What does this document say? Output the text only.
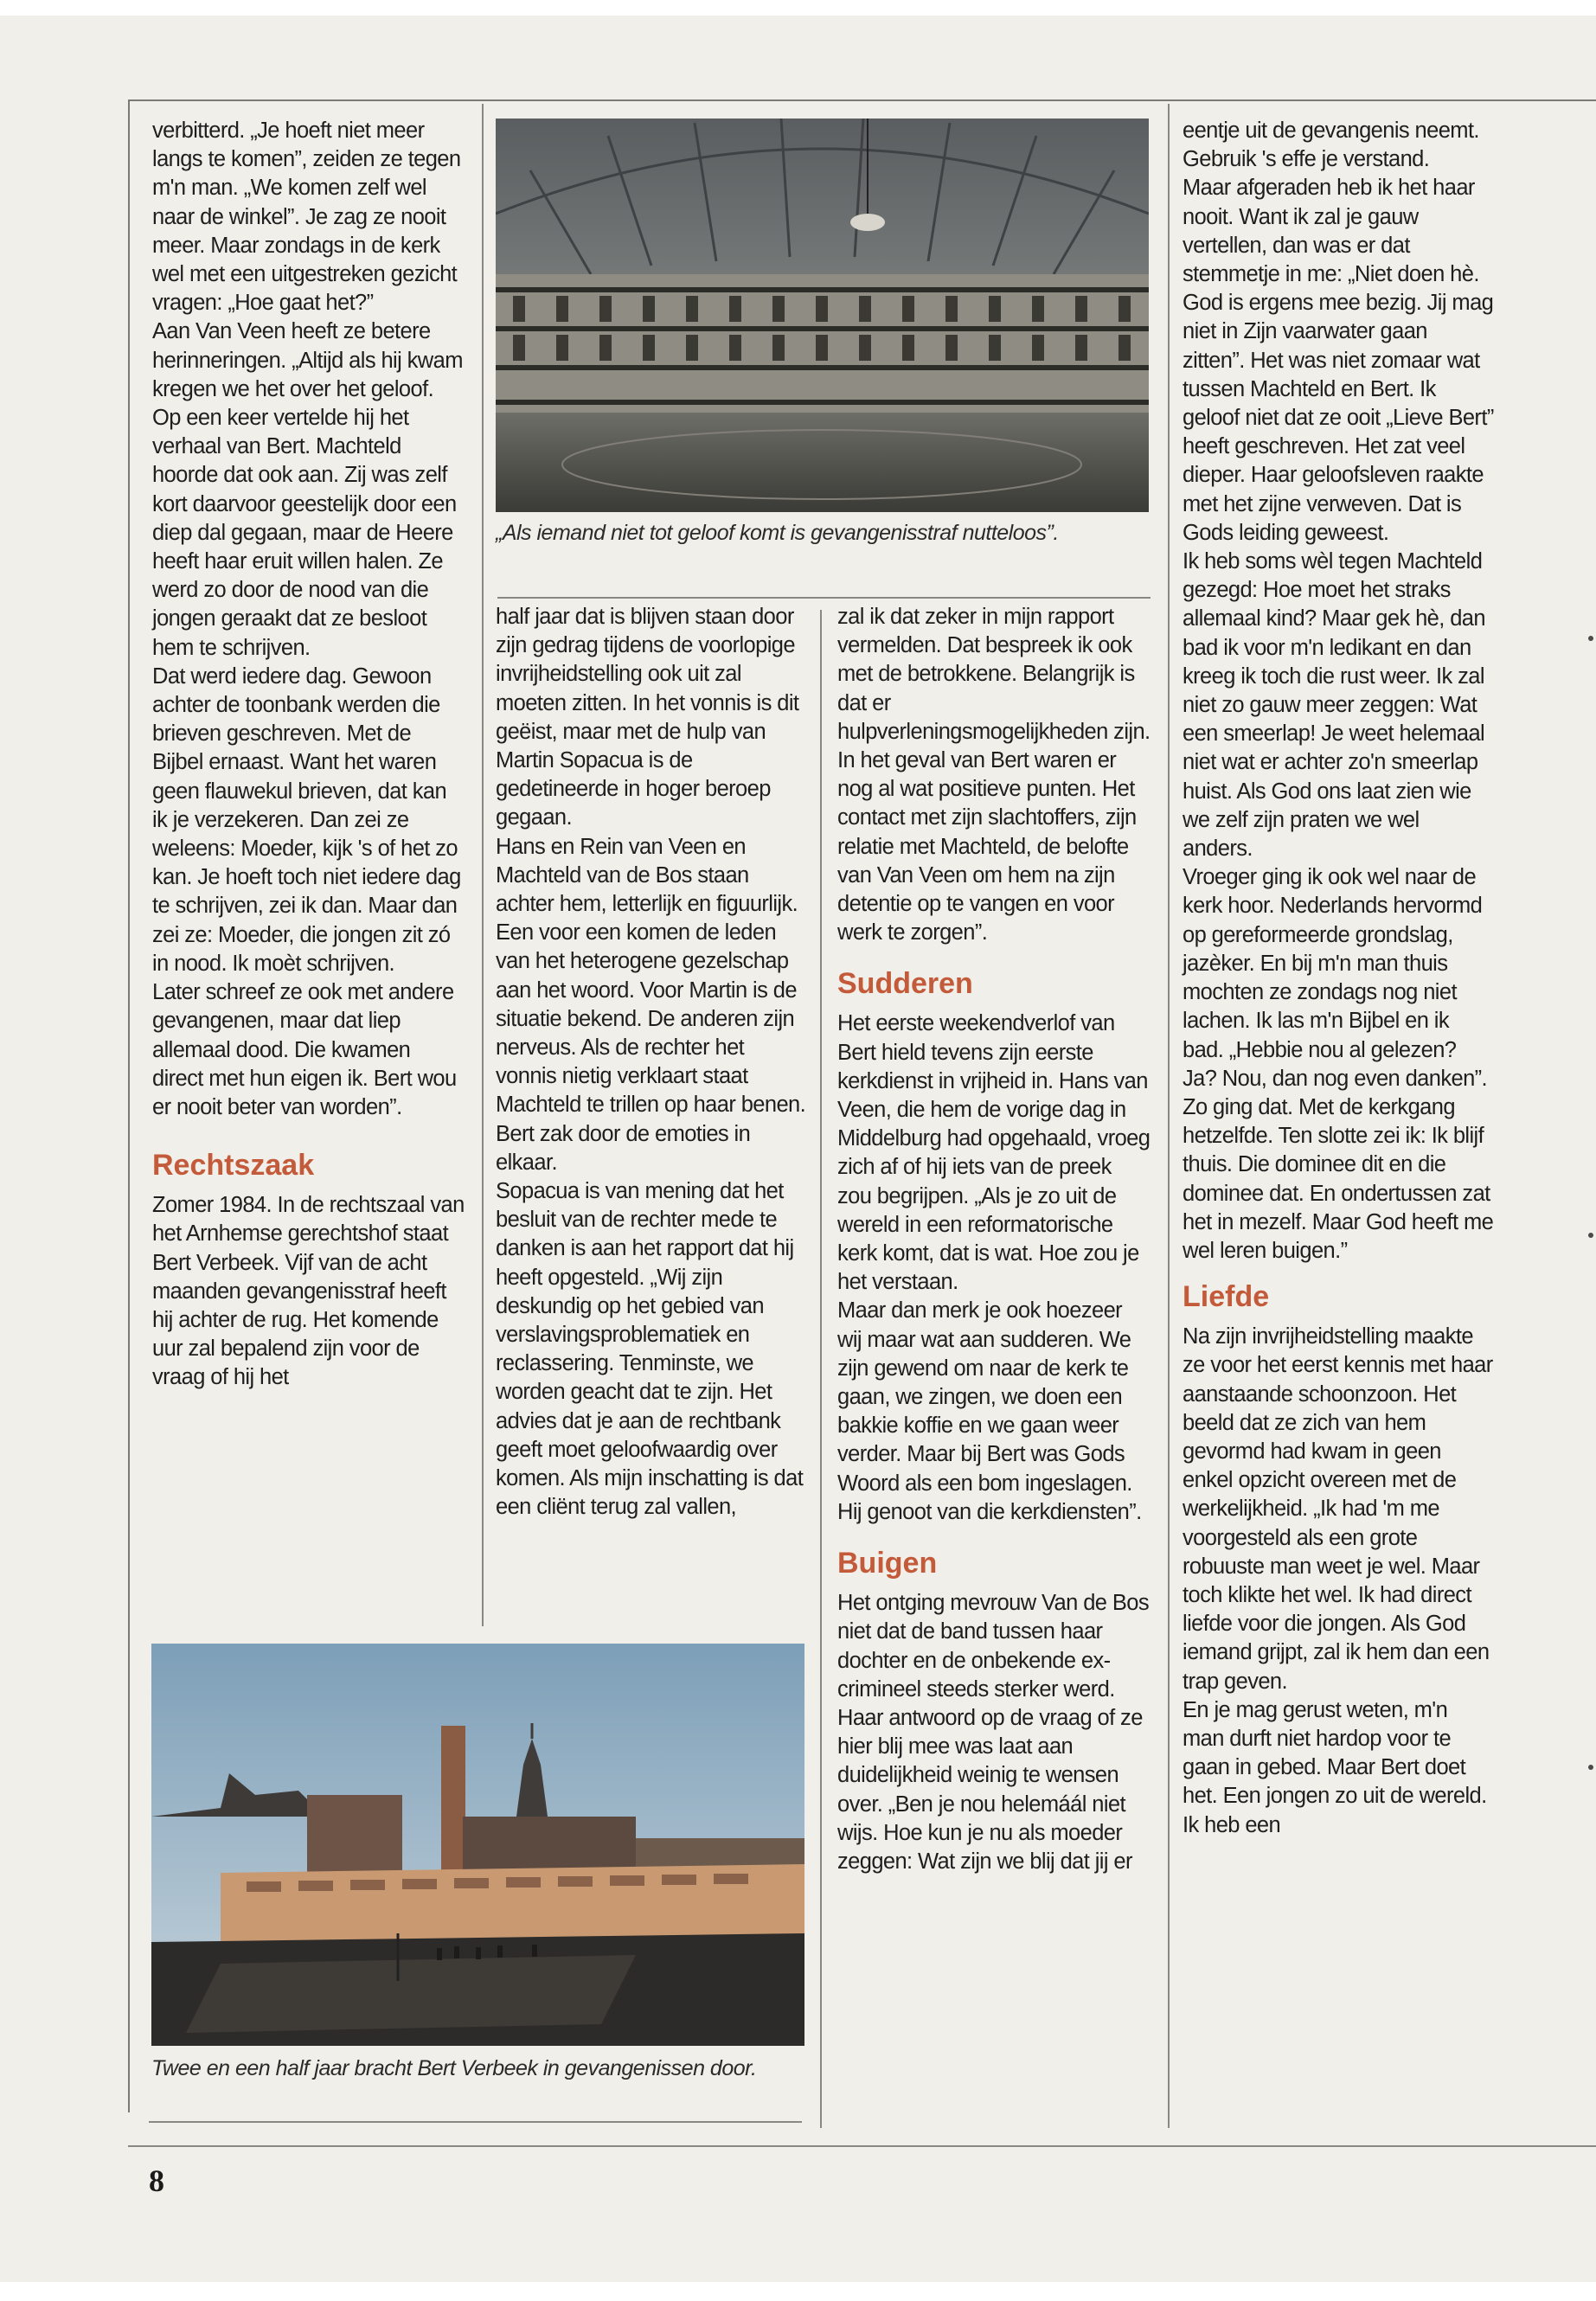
verbitterd. „Je hoeft niet meer langs te komen”, zeiden ze tegen m'n man. „We komen zelf wel naar de winkel”. Je zag ze nooit meer. Maar zondags in de kerk wel met een uitgestreken gezicht vragen: „Hoe gaat het?”

Aan Van Veen heeft ze betere herinneringen. „Altijd als hij kwam kregen we het over het geloof. Op een keer vertelde hij het verhaal van Bert. Machteld hoorde dat ook aan. Zij was zelf kort daarvoor geestelijk door een diep dal gegaan, maar de Heere heeft haar eruit willen halen. Ze werd zo door de nood van die jongen geraakt dat ze besloot hem te schrijven.

Dat werd iedere dag. Gewoon achter de toonbank werden die brieven geschreven. Met de Bijbel ernaast. Want het waren geen flauwekul brieven, dat kan ik je verzekeren. Dan zei ze weleens: Moeder, kijk 's of het zo kan. Je hoeft toch niet iedere dag te schrijven, zei ik dan. Maar dan zei ze: Moeder, die jongen zit zó in nood. Ik moèt schrijven.

Later schreef ze ook met andere gevangenen, maar dat liep allemaal dood. Die kwamen direct met hun eigen ik. Bert wou er nooit beter van worden”.

Rechtszaak

Zomer 1984. In de rechtszaal van het Arnhemse gerechtshof staat Bert Verbeek. Vijf van de acht maanden gevangenisstraf heeft hij achter de rug. Het komende uur zal bepalend zijn voor de vraag of hij het

„Als iemand niet tot geloof komt is gevangenisstraf nutteloos”.

half jaar dat is blijven staan door zijn gedrag tijdens de voorlopige invrijheidstelling ook uit zal moeten zitten. In het vonnis is dit geëist, maar met de hulp van Martin Sopacua is de gedetineerde in hoger beroep gegaan.

Hans en Rein van Veen en Machteld van de Bos staan achter hem, letterlijk en figuurlijk.

Een voor een komen de leden van het heterogene gezelschap aan het woord. Voor Martin is de situatie bekend. De anderen zijn nerveus. Als de rechter het vonnis nietig verklaart staat Machteld te trillen op haar benen. Bert zak door de emoties in elkaar.

Sopacua is van mening dat het besluit van de rechter mede te danken is aan het rapport dat hij heeft opgesteld. „Wij zijn deskundig op het gebied van verslavingsproblematiek en reclassering. Tenminste, we worden geacht dat te zijn. Het advies dat je aan de rechtbank geeft moet geloofwaardig over komen. Als mijn inschatting is dat een cliënt terug zal vallen,

zal ik dat zeker in mijn rapport vermelden. Dat bespreek ik ook met de betrokkene. Belangrijk is dat er hulpverleningsmogelijkheden zijn. In het geval van Bert waren er nog al wat positieve punten. Het contact met zijn slachtoffers, zijn relatie met Machteld, de belofte van Van Veen om hem na zijn detentie op te vangen en voor werk te zorgen”.

Sudderen

Het eerste weekendverlof van Bert hield tevens zijn eerste kerkdienst in vrijheid in. Hans van Veen, die hem de vorige dag in Middelburg had opgehaald, vroeg zich af of hij iets van de preek zou begrijpen. „Als je zo uit de wereld in een reformatorische kerk komt, dat is wat. Hoe zou je het verstaan.

Maar dan merk je ook hoezeer wij maar wat aan sudderen. We zijn gewend om naar de kerk te gaan, we zingen, we doen een bakkie koffie en we gaan weer verder. Maar bij Bert was Gods Woord als een bom ingeslagen. Hij genoot van die kerkdiensten”.

Buigen

Het ontging mevrouw Van de Bos niet dat de band tussen haar dochter en de onbekende ex-crimineel steeds sterker werd. Haar antwoord op de vraag of ze hier blij mee was laat aan duidelijkheid weinig te wensen over. „Ben je nou helemáál niet wijs. Hoe kun je nu als moeder zeggen: Wat zijn we blij dat jij er

eentje uit de gevangenis neemt. Gebruik 's effe je verstand.

Maar afgeraden heb ik het haar nooit. Want ik zal je gauw vertellen, dan was er dat stemmetje in me: „Niet doen hè. God is ergens mee bezig. Jij mag niet in Zijn vaarwater gaan zitten”. Het was niet zomaar wat tussen Machteld en Bert. Ik geloof niet dat ze ooit „Lieve Bert” heeft geschreven. Het zat veel dieper. Haar geloofsleven raakte met het zijne verweven. Dat is Gods leiding geweest.

Ik heb soms wèl tegen Machteld gezegd: Hoe moet het straks allemaal kind? Maar gek hè, dan bad ik voor m'n ledikant en dan kreeg ik toch die rust weer. Ik zal niet zo gauw meer zeggen: Wat een smeerlap! Je weet helemaal niet wat er achter zo'n smeerlap huist. Als God ons laat zien wie we zelf zijn praten we wel anders.

Vroeger ging ik ook wel naar de kerk hoor. Nederlands hervormd op gereformeerde grondslag, jazèker. En bij m'n man thuis mochten ze zondags nog niet lachen. Ik las m'n Bijbel en ik bad. „Hebbie nou al gelezen? Ja? Nou, dan nog even danken”. Zo ging dat. Met de kerkgang hetzelfde. Ten slotte zei ik: Ik blijf thuis. Die dominee dit en die dominee dat. En ondertussen zat het in mezelf. Maar God heeft me wel leren buigen.”

Liefde

Na zijn invrijheidstelling maakte ze voor het eerst kennis met haar aanstaande schoonzoon. Het beeld dat ze zich van hem gevormd had kwam in geen enkel opzicht overeen met de werkelijkheid. „Ik had 'm me voorgesteld als een grote robuuste man weet je wel. Maar toch klikte het wel. Ik had direct liefde voor die jongen. Als God iemand grijpt, zal ik hem dan een trap geven.

En je mag gerust weten, m'n man durft niet hardop voor te gaan in gebed. Maar Bert doet het. Een jongen zo uit de wereld. Ik heb een

Twee en een half jaar bracht Bert Verbeek in gevangenissen door.
8
